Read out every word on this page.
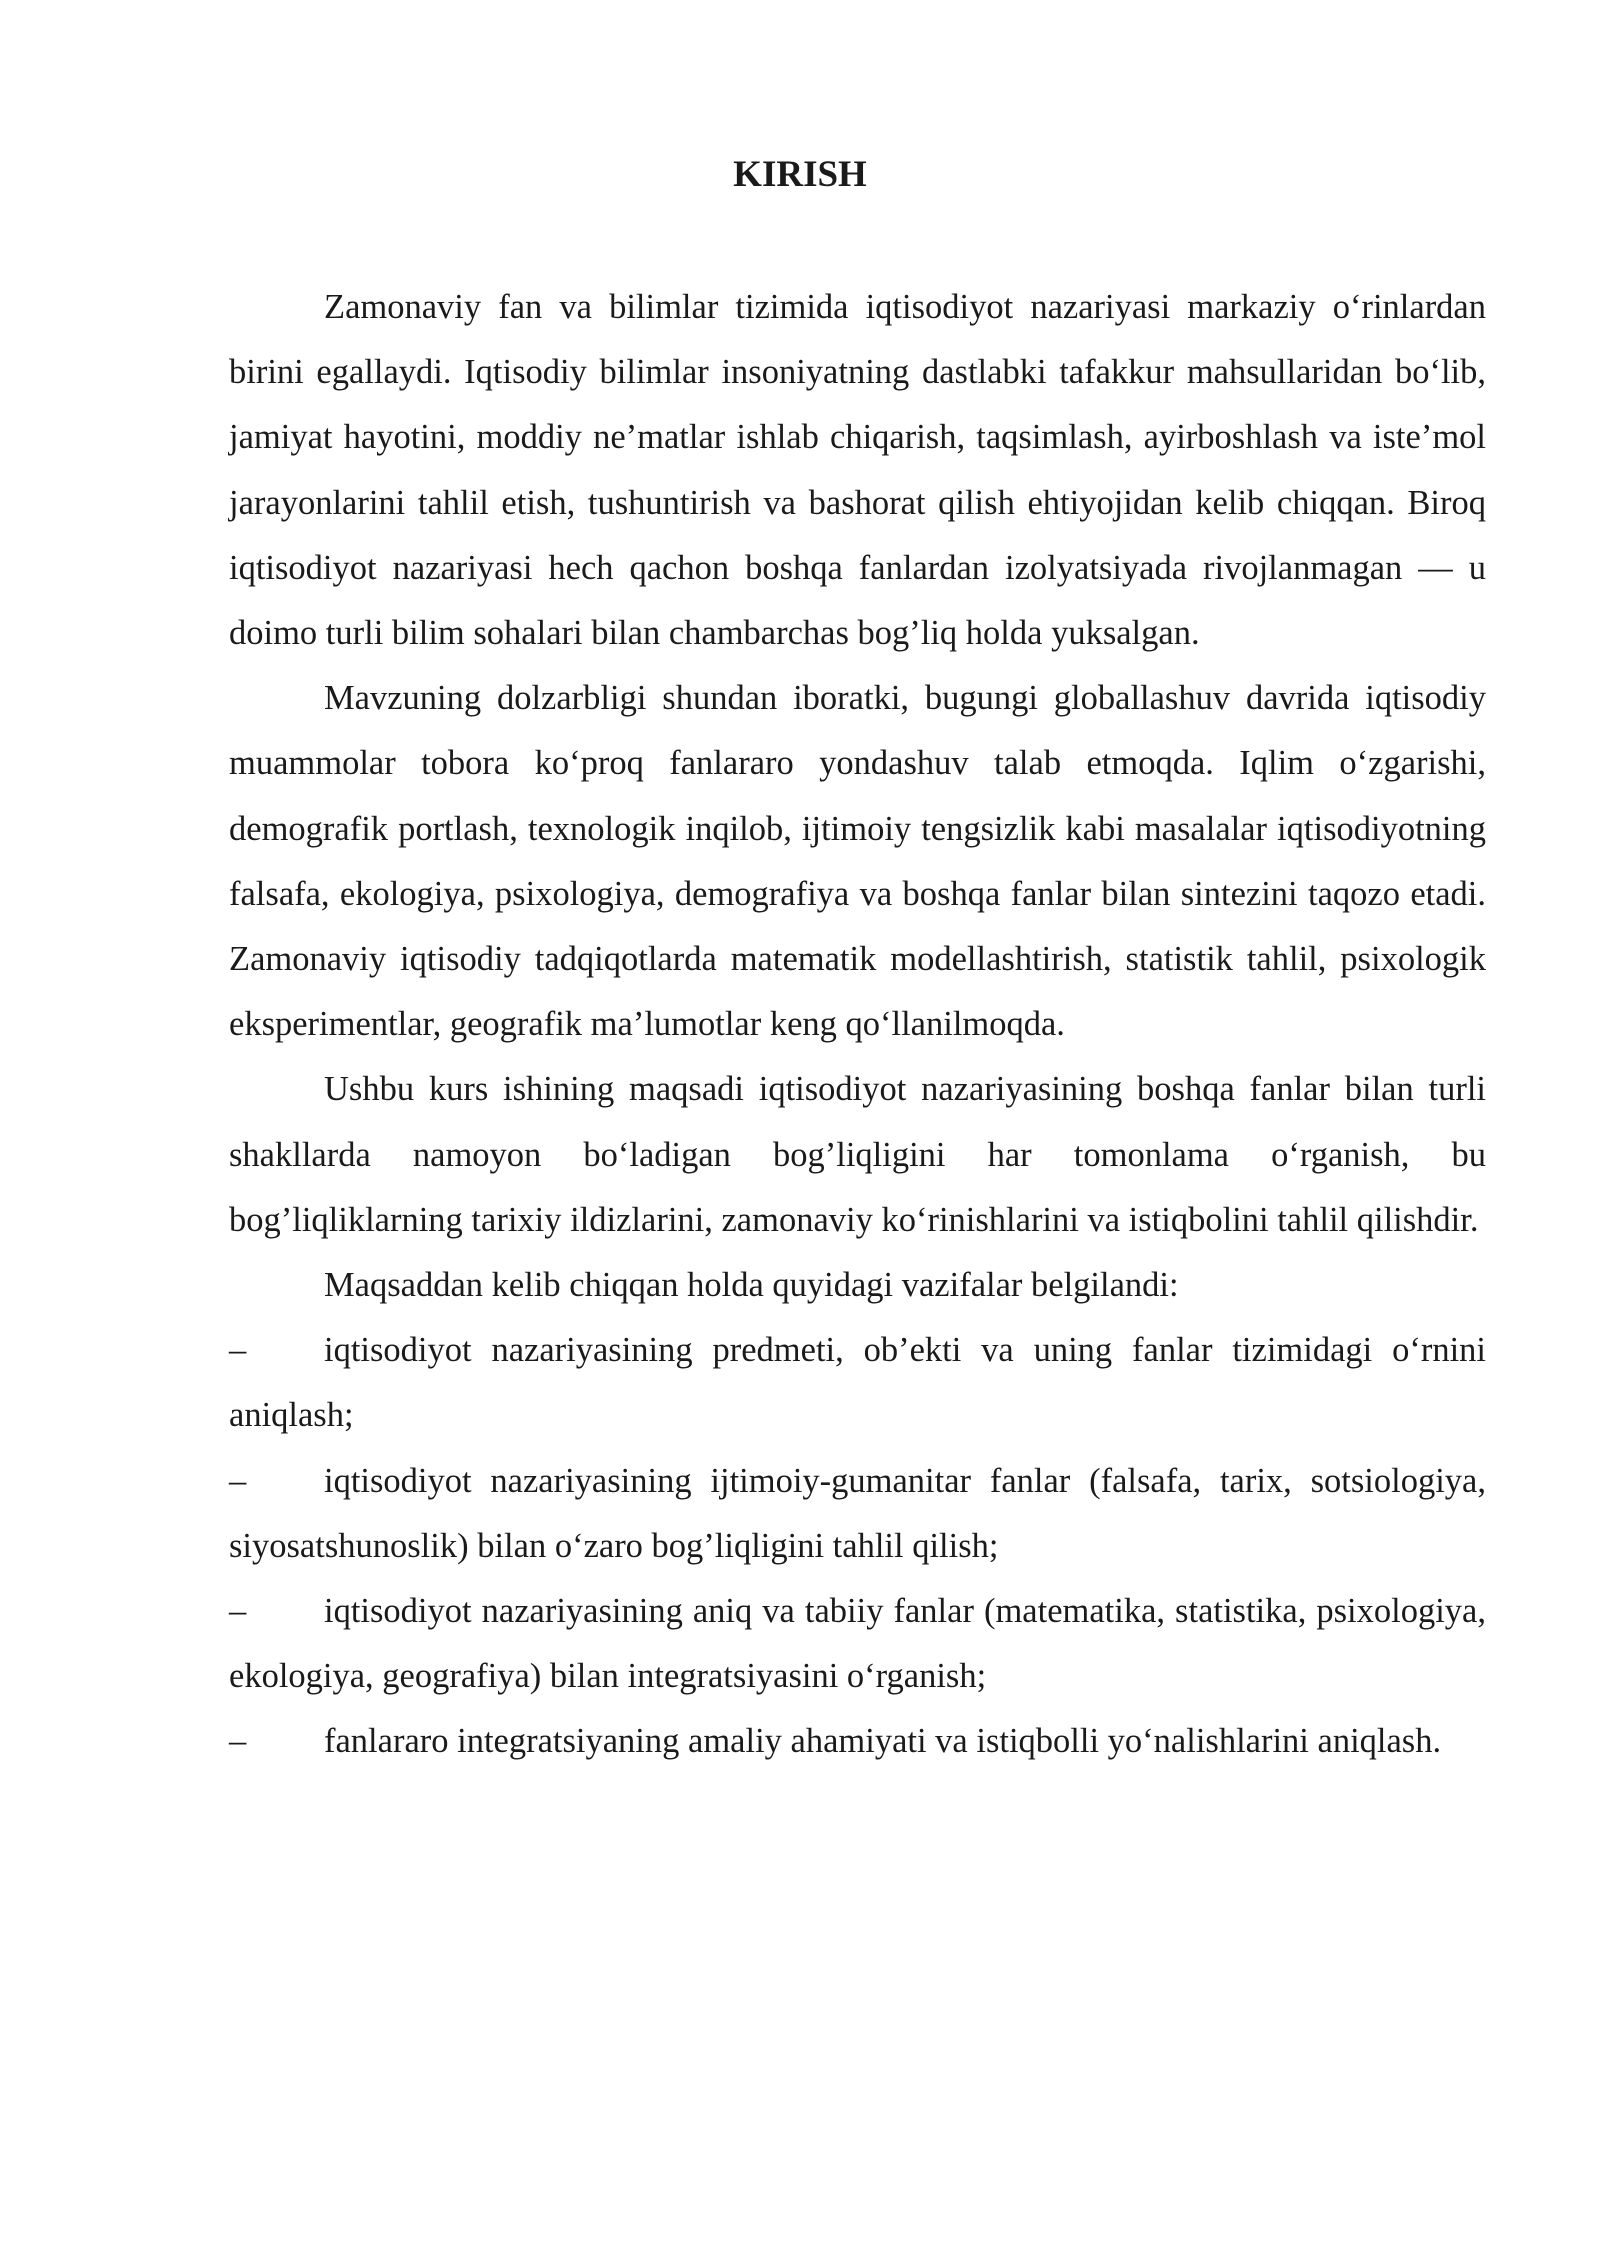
KIRISH

Zamonaviy fan va bilimlar tizimida iqtisodiyot nazariyasi markaziy o‘rinlardan birini egallaydi. Iqtisodiy bilimlar insoniyatning dastlabki tafakkur mahsullaridan bo‘lib, jamiyat hayotini, moddiy ne’matlar ishlab chiqarish, taqsimlash, ayirboshlash va iste’mol jarayonlarini tahlil etish, tushuntirish va bashorat qilish ehtiyojidan kelib chiqqan. Biroq iqtisodiyot nazariyasi hech qachon boshqa fanlardan izolyatsiyada rivojlanmagan — u doimo turli bilim sohalari bilan chambarchas bog’liq holda yuksalgan.

Mavzuning dolzarbligi shundan iboratki, bugungi globallashuv davrida iqtisodiy muammolar tobora ko‘proq fanlararo yondashuv talab etmoqda. Iqlim o‘zgarishi, demografik portlash, texnologik inqilob, ijtimoiy tengsizlik kabi masalalar iqtisodiyotning falsafa, ekologiya, psixologiya, demografiya va boshqa fanlar bilan sintezini taqozo etadi. Zamonaviy iqtisodiy tadqiqotlarda matematik modellashtirish, statistik tahlil, psixologik eksperimentlar, geografik ma’lumotlar keng qo‘llanilmoqda.

Ushbu kurs ishining maqsadi iqtisodiyot nazariyasining boshqa fanlar bilan turli shakllarda namoyon bo‘ladigan bog’liqligini har tomonlama o‘rganish, bu bog’liqliklarning tarixiy ildizlarini, zamonaviy ko‘rinishlarini va istiqbolini tahlil qilishdir.

Maqsaddan kelib chiqqan holda quyidagi vazifalar belgilandi:

– iqtisodiyot nazariyasining predmeti, ob’ekti va uning fanlar tizimidagi o‘rnini aniqlash;

– iqtisodiyot nazariyasining ijtimoiy-gumanitar fanlar (falsafa, tarix, sotsiologiya, siyosatshunoslik) bilan o‘zaro bog’liqligini tahlil qilish;

– iqtisodiyot nazariyasining aniq va tabiiy fanlar (matematika, statistika, psixologiya, ekologiya, geografiya) bilan integratsiyasini o‘rganish;

– fanlararo integratsiyaning amaliy ahamiyati va istiqbolli yo‘nalishlarini aniqlash.
